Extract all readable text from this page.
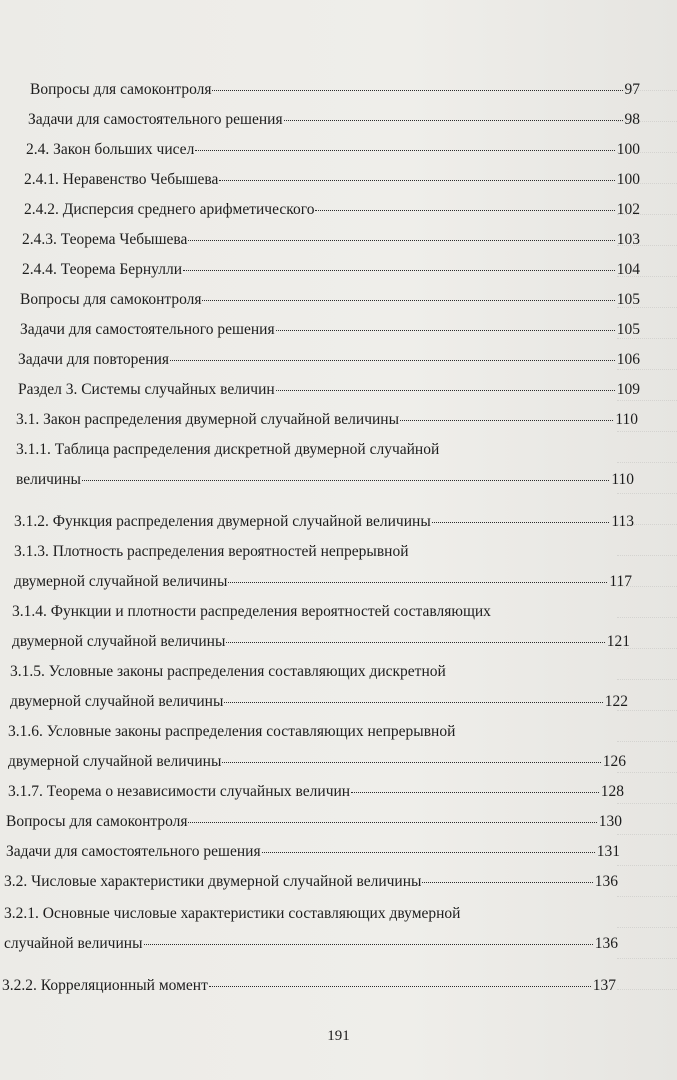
Вопросы для самоконтроля	97
Задачи для самостоятельного решения	98
2.4. Закон больших чисел	100
2.4.1. Неравенство Чебышева	100
2.4.2. Дисперсия среднего арифметического	102
2.4.3. Теорема Чебышева	103
2.4.4. Теорема Бернулли	104
Вопросы для самоконтроля	105
Задачи для самостоятельного решения	105
Задачи для повторения	106
Раздел 3. Системы случайных величин	109
3.1. Закон распределения двумерной случайной величины	110
3.1.1. Таблица распределения дискретной двумерной случайной
величины	110
3.1.2. Функция распределения двумерной случайной величины	113
3.1.3. Плотность распределения вероятностей непрерывной
двумерной случайной величины	117
3.1.4. Функции и плотности распределения вероятностей составляющих
двумерной случайной величины	121
3.1.5. Условные законы распределения составляющих дискретной
двумерной случайной величины	122
3.1.6. Условные законы распределения составляющих непрерывной
двумерной случайной величины	126
3.1.7. Теорема о независимости случайных величин	128
Вопросы для самоконтроля	130
Задачи для самостоятельного решения	131
3.2. Числовые характеристики двумерной случайной величины	136
3.2.1. Основные числовые характеристики составляющих двумерной
случайной величины	136
3.2.2. Корреляционный момент	137
191
